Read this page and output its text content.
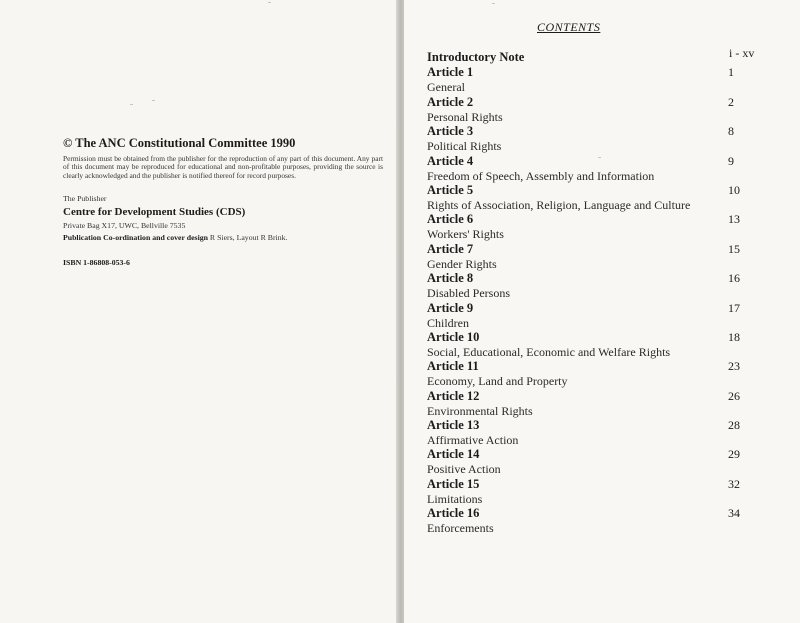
© The ANC Constitutional Committee 1990

Permission must be obtained from the publisher for the reproduction of any part of this document. Any part of this document may be reproduced for educational and non-profitable purposes, providing the source is clearly acknowledged and the publisher is notified thereof for record purposes.

The Publisher

Centre for Development Studies (CDS)

Private Bag X17, UWC, Bellville 7535

Publication Co-ordination and cover design R Siers, Layout R Brink.

ISBN 1-86808-053-6

CONTENTS
Introductory Note	i - xv
Article 1
General
1
Article 2
Personal Rights
2
Article 3
Political Rights
8
Article 4
Freedom of Speech, Assembly and Information
9
Article 5
Rights of Association, Religion, Language and Culture
10
Article 6
Workers' Rights
13
Article 7
Gender Rights
15
Article 8
Disabled Persons
16
Article 9
Children
17
Article 10
Social, Educational, Economic and Welfare Rights
18
Article 11
Economy, Land and Property
23
Article 12
Environmental Rights
26
Article 13
Affirmative Action
28
Article 14
Positive Action
29
Article 15
Limitations
32
Article 16
Enforcements
34
